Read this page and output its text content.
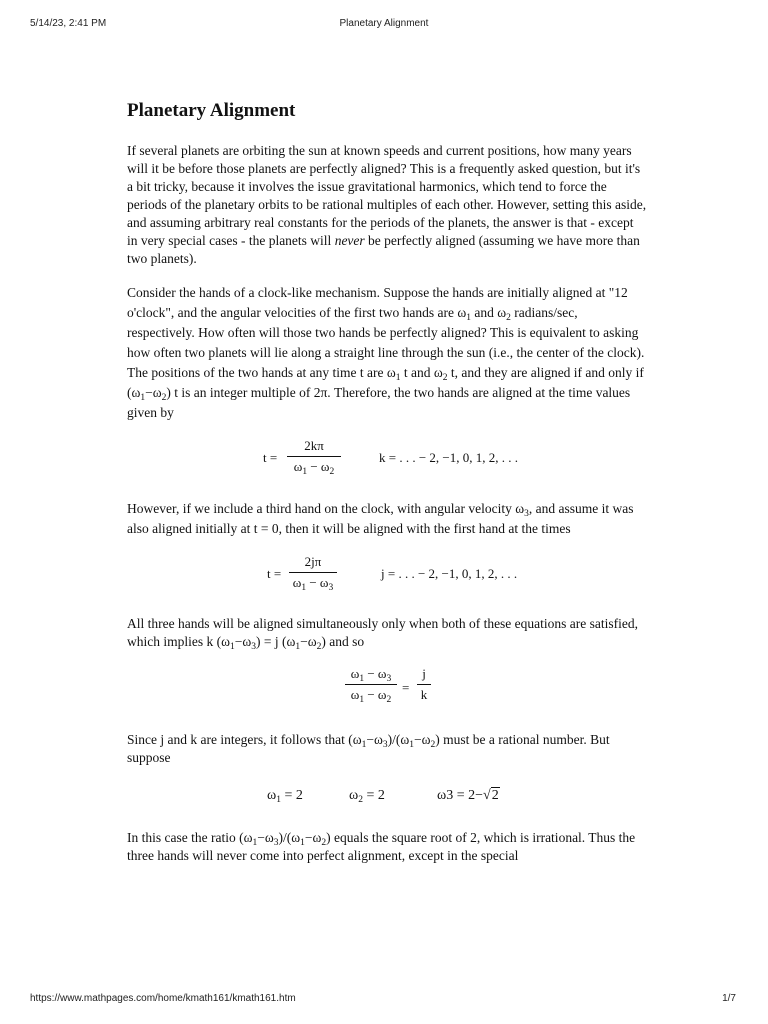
5/14/23, 2:41 PM	Planetary Alignment
Planetary Alignment

If several planets are orbiting the sun at known speeds and current positions, how many years will it be before those planets are perfectly aligned? This is a frequently asked question, but it's a bit tricky, because it involves the issue gravitational harmonics, which tend to force the periods of the planetary orbits to be rational multiples of each other. However, setting this aside, and assuming arbitrary real constants for the periods of the planets, the answer is that - except in very special cases - the planets will never be perfectly aligned (assuming we have more than two planets).

Consider the hands of a clock-like mechanism. Suppose the hands are initially aligned at "12 o'clock", and the angular velocities of the first two hands are $\omega_1$ and $\omega_2$ radians/sec, respectively. How often will those two hands be perfectly aligned? This is equivalent to asking how often two planets will lie along a straight line through the sun (i.e., the center of the clock). The positions of the two hands at any time t are $\omega_1$ t and $\omega_2$ t, and they are aligned if and only if $(\omega_1-\omega_2)$ t is an integer multiple of 2π. Therefore, the two hands are aligned at the time values given by

$t = \frac{2k\pi}{\omega_1 - \omega_2}$	k = . . . − 2, −1, 0, 1, 2, . . .

However, if we include a third hand on the clock, with angular velocity $\omega_3$, and assume it was also aligned initially at t = 0, then it will be aligned with the first hand at the times

$t = \frac{2j\pi}{\omega_1 - \omega_3}$	j = . . . − 2, −1, 0, 1, 2, . . .

All three hands will be aligned simultaneously only when both of these equations are satisfied, which implies k $(\omega_1-\omega_3) = j$ $(\omega_1-\omega_2)$ and so

$\frac{\omega_1 - \omega_3}{\omega_1 - \omega_2} = \frac{j}{k}$

Since j and k are integers, it follows that $(\omega_1-\omega_3)/(\omega_1-\omega_2)$ must be a rational number. But suppose

$\omega_1 = 2$	$\omega_2 = 2$	ω3 = 2−√2

In this case the ratio $(\omega_1-\omega_3)/(\omega_1-\omega_2)$ equals the square root of 2, which is irrational. Thus the three hands will never come into perfect alignment, except in the special

https://www.mathpages.com/home/kmath161/kmath161.htm	1/7
